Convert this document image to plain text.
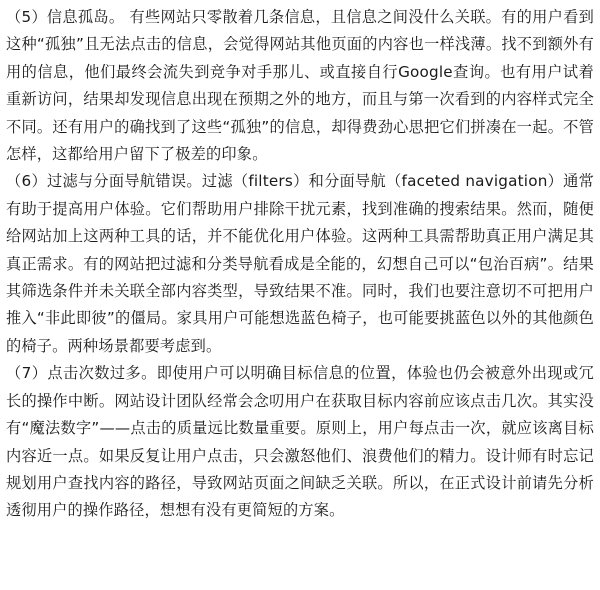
（5）信息孤岛。 有些网站只零散着几条信息，且信息之间没什么关联。有的用户看到这种“孤独”且无法点击的信息，会觉得网站其他页面的内容也一样浅薄。找不到额外有用的信息，他们最终会流失到竞争对手那儿、或直接自行Google查询。也有用户试着重新访问，结果却发现信息出现在预期之外的地方，而且与第一次看到的内容样式完全不同。还有用户的确找到了这些“孤独”的信息，却得费劲心思把它们拼凑在一起。不管怎样，这都给用户留下了极差的印象。

（6）过滤与分面导航错误。过滤（filters）和分面导航（faceted navigation）通常有助于提高用户体验。它们帮助用户排除干扰元素，找到准确的搜索结果。然而，随便给网站加上这两种工具的话，并不能优化用户体验。这两种工具需帮助真正用户满足其真正需求。有的网站把过滤和分类导航看成是全能的，幻想自己可以“包治百病”。结果其筛选条件并未关联全部内容类型，导致结果不准。同时，我们也要注意切不可把用户推入“非此即彼”的僵局。家具用户可能想选蓝色椅子，也可能要挑蓝色以外的其他颜色的椅子。两种场景都要考虑到。

（7）点击次数过多。即使用户可以明确目标信息的位置，体验也仍会被意外出现或冗长的操作中断。网站设计团队经常会念叨用户在获取目标内容前应该点击几次。其实没有“魔法数字”——点击的质量远比数量重要。原则上，用户每点击一次，就应该离目标内容近一点。如果反复让用户点击，只会激怒他们、浪费他们的精力。设计师有时忘记规划用户查找内容的路径，导致网站页面之间缺乏关联。所以，在正式设计前请先分析透彻用户的操作路径，想想有没有更简短的方案。
